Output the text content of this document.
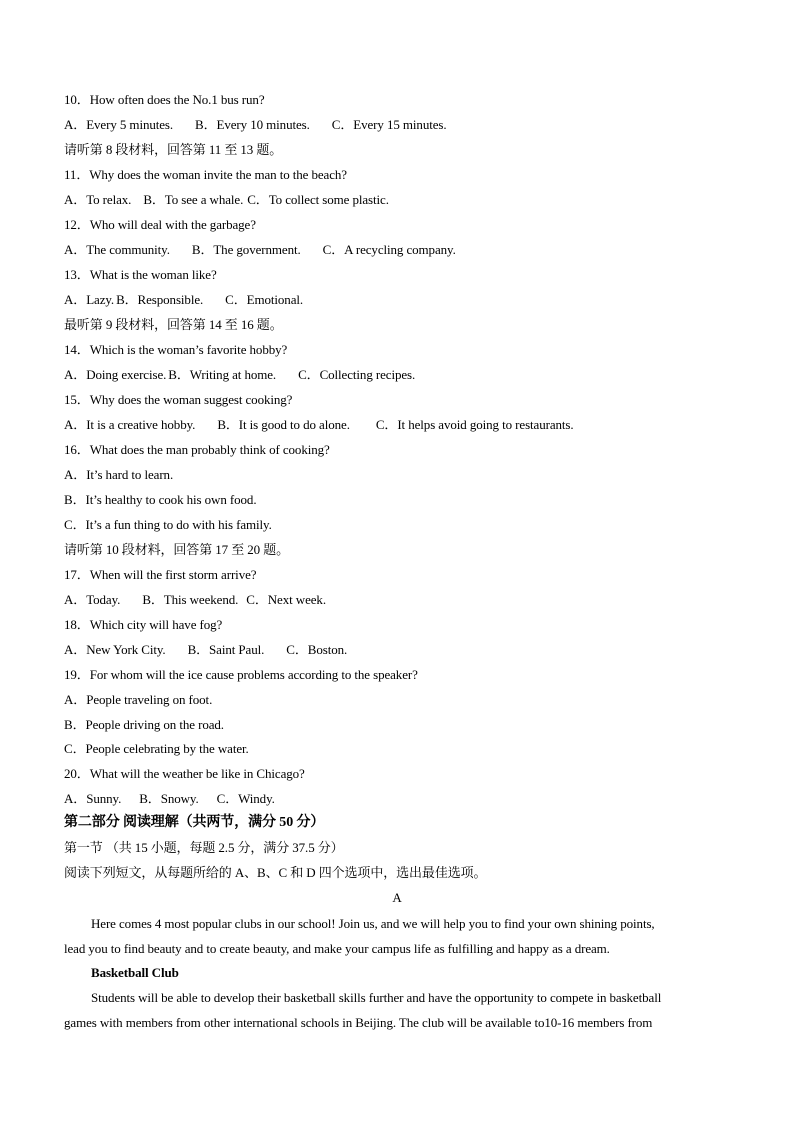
10．How often does the No.1 bus run?
A．Every 5 minutes. B．Every 10 minutes. C．Every 15 minutes.
请听第 8 段材料，回答第 11 至 13 题。
11．Why does the woman invite the man to the beach?
A．To relax. B．To see a whale. C．To collect some plastic.
12．Who will deal with the garbage?
A．The community. B．The government. C．A recycling company.
13．What is the woman like?
A．Lazy. B．Responsible. C．Emotional.
最听第 9 段材料，回答第 14 至 16 题。
14．Which is the woman’s favorite hobby?
A．Doing exercise. B．Writing at home. C．Collecting recipes.
15．Why does the woman suggest cooking?
A．It is a creative hobby. B．It is good to do alone. C．It helps avoid going to restaurants.
16．What does the man probably think of cooking?
A．It’s hard to learn.
B．It’s healthy to cook his own food.
C．It’s a fun thing to do with his family.
请听第 10 段材料，回答第 17 至 20 题。
17．When will the first storm arrive?
A．Today. B．This weekend. C．Next week.
18．Which city will have fog?
A．New York City. B．Saint Paul. C．Boston.
19．For whom will the ice cause problems according to the speaker?
A．People traveling on foot.
B．People driving on the road.
C．People celebrating by the water.
20．What will the weather be like in Chicago?
A．Sunny. B．Snowy. C．Windy.
第二部分 阅读理解（共两节，满分 50 分）
第一节 （共 15 小题，每题 2.5 分，满分 37.5 分）
阅读下列短文，从每题所给的 A、B、C 和 D 四个选项中，选出最佳选项。
A
Here comes 4 most popular clubs in our school! Join us, and we will help you to find your own shining points,
lead you to find beauty and to create beauty, and make your campus life as fulfilling and happy as a dream.
Basketball Club
Students will be able to develop their basketball skills further and have the opportunity to compete in basketball
games with members from other international schools in Beijing. The club will be available to10-16 members from
